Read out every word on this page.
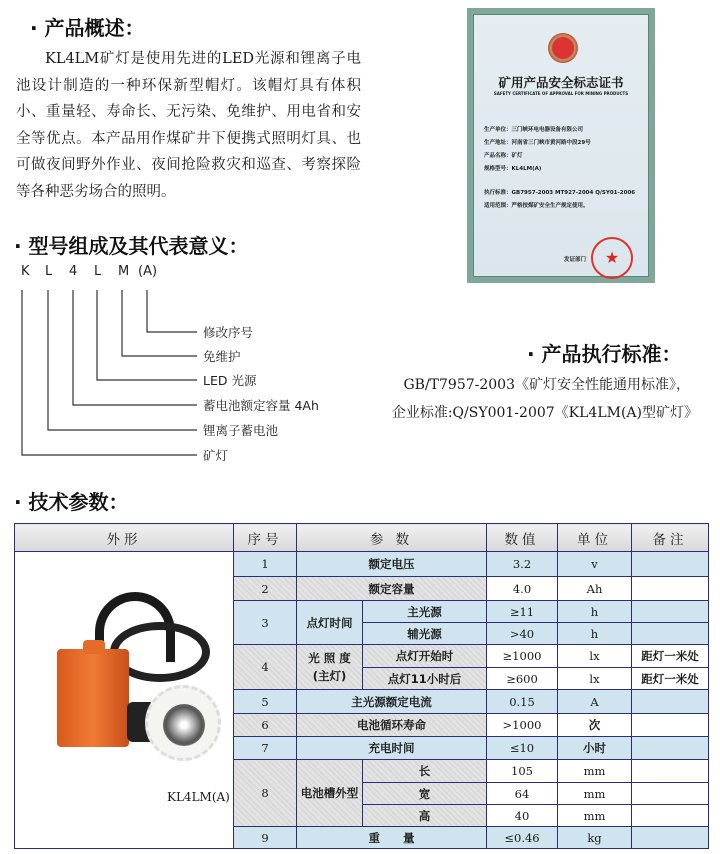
· 产品概述：

KL4LM矿灯是使用先进的LED光源和锂离子电池设计制造的一种环保新型帽灯。该帽灯具有体积小、重量轻、寿命长、无污染、免维护、用电省和安全等优点。本产品用作煤矿井下便携式照明灯具、也可做夜间野外作业、夜间抢险救灾和巡查、考察探险等各种恶劣场合的照明。

矿用产品安全标志证书
SAFETY CERTIFICATE OF APPROVAL FOR MINING PRODUCTS
生产单位：三门峡环电电器设备有限公司
生产地址：河南省三门峡市黄河路中段29号
产品名称：矿灯
规格型号：KL4LM(A)
执行标准：GB7957-2003 MT927-2004 Q/SY01-2006
适用范围：严格按煤矿安全生产规定使用。
发证部门	★
· 型号组成及其代表意义：
K L 4 L M (A)
修改序号
免维护
LED 光源
蓄电池额定容量 4Ah
锂离子蓄电池
矿灯
· 产品执行标准：
GB/T7957-2003《矿灯安全性能通用标准》，
企业标准:Q/SY001-2007《KL4LM(A)型矿灯》
· 技术参数：
外形	序号	参 数		数值	单位	备注

KL4LM(A)	1	额定电压		3.2	v	
	2	额定容量		4.0	Ah	
	3	点灯时间	主光源	≥11	h	
			辅光源	>40	h	
	4	光 照 度
(主灯)	点灯开始时	≥1000	lx	距灯一米处
			点灯11小时后	≥600	lx	距灯一米处
	5	主光源额定电流		0.15	A	
	6	电池循环寿命		>1000	次	
	7	充电时间		≤10	小时	
	8	电池槽外型	长	105	mm	
			宽	64	mm	
			高	40	mm	
	9	重　　量		≤0.46	kg	
